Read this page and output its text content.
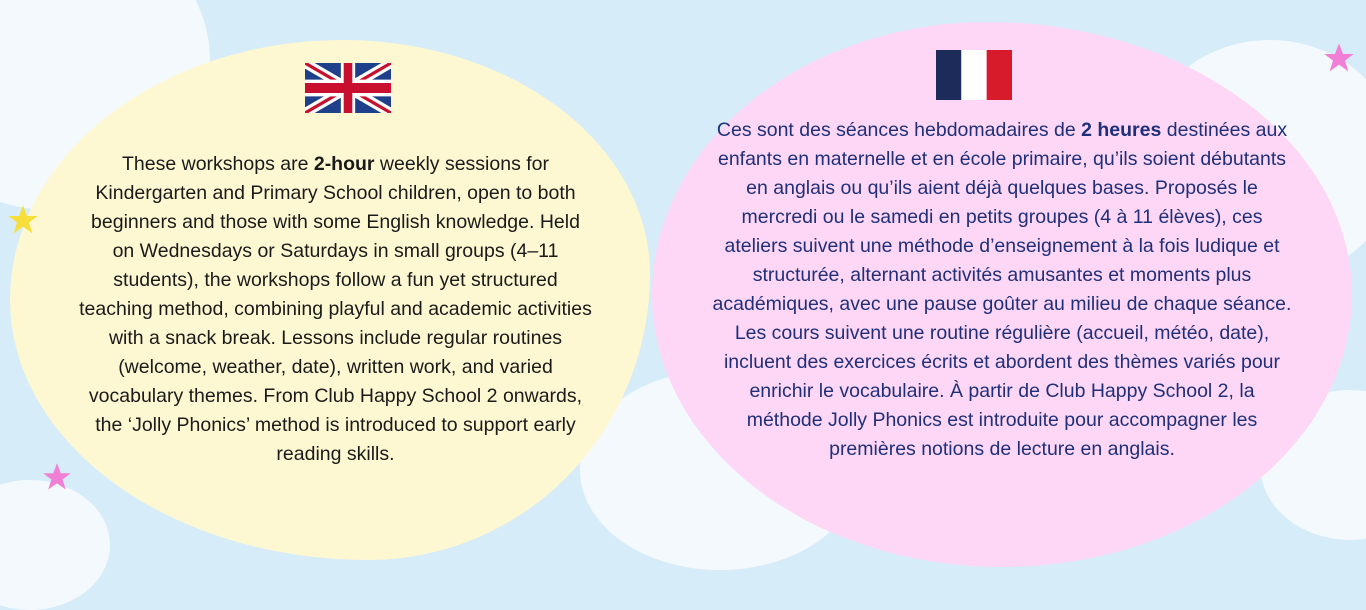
These workshops are 2-hour weekly sessions for Kindergarten and Primary School children, open to both beginners and those with some English knowledge. Held on Wednesdays or Saturdays in small groups (4–11 students), the workshops follow a fun yet structured teaching method, combining playful and academic activities with a snack break. Lessons include regular routines (welcome, weather, date), written work, and varied vocabulary themes. From Club Happy School 2 onwards, the ‘Jolly Phonics’ method is introduced to support early reading skills.

Ces sont des séances hebdomadaires de 2 heures destinées aux enfants en maternelle et en école primaire, qu’ils soient débutants en anglais ou qu’ils aient déjà quelques bases. Proposés le mercredi ou le samedi en petits groupes (4 à 11 élèves), ces ateliers suivent une méthode d’enseignement à la fois ludique et structurée, alternant activités amusantes et moments plus académiques, avec une pause goûter au milieu de chaque séance. Les cours suivent une routine régulière (accueil, météo, date), incluent des exercices écrits et abordent des thèmes variés pour enrichir le vocabulaire. À partir de Club Happy School 2, la méthode Jolly Phonics est introduite pour accompagner les premières notions de lecture en anglais.
